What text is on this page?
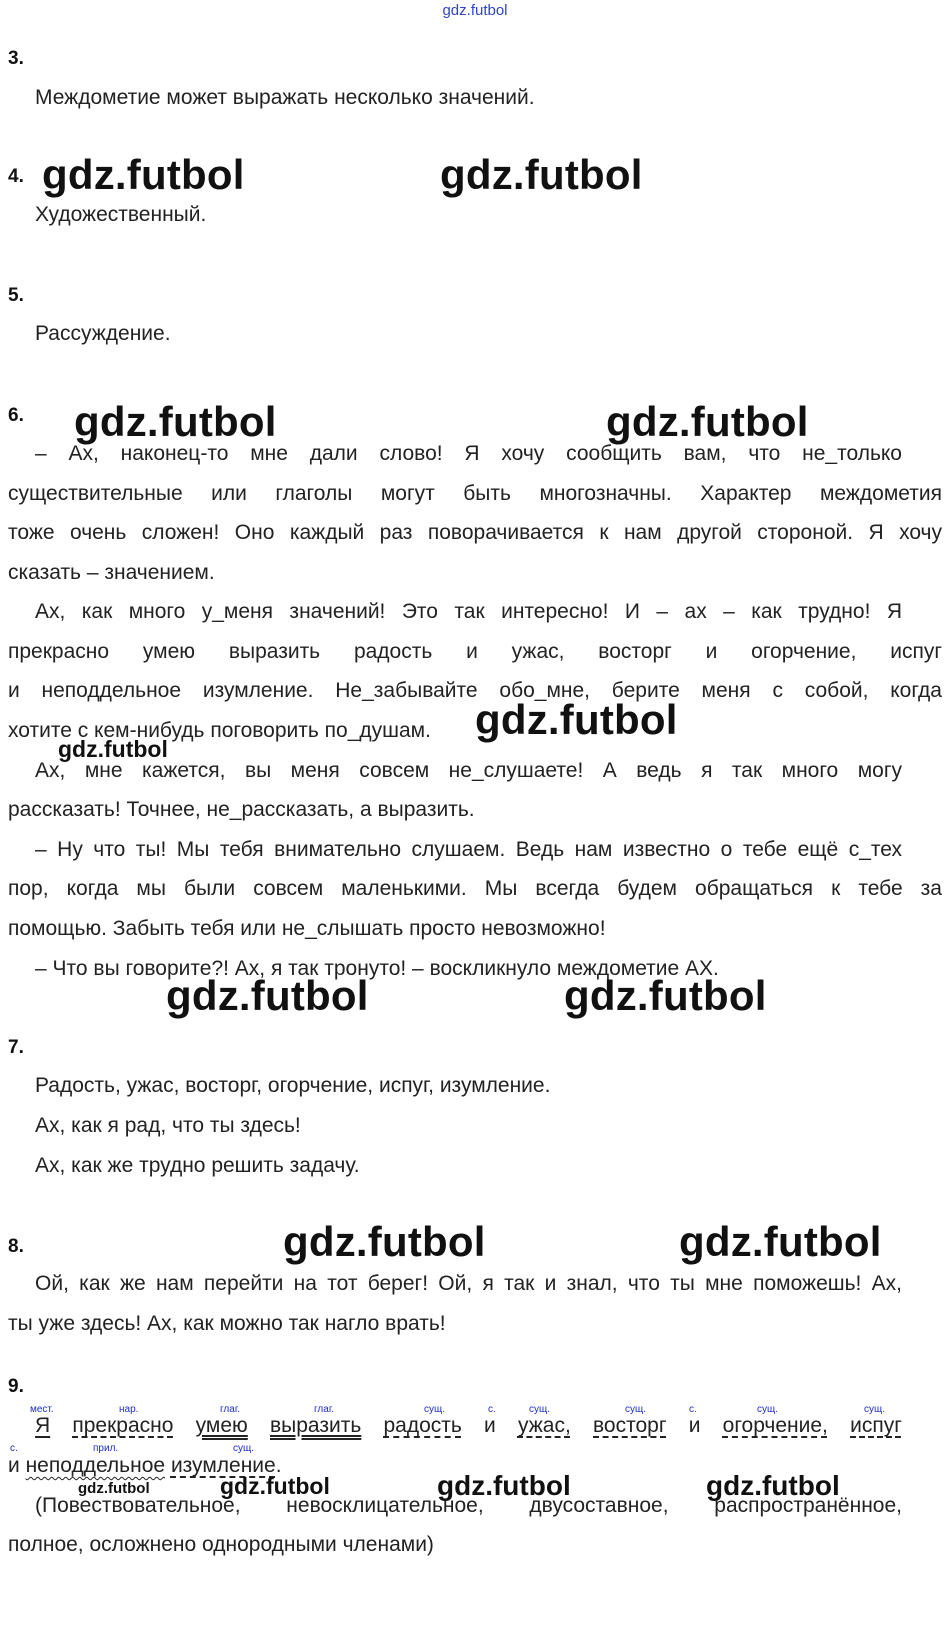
gdz.futbol
3.
Междометие может выражать несколько значений.
4. gdz.futbol	gdz.futbol
Художественный.
5.
Рассуждение.
6. gdz.futbol	gdz.futbol
– Ах, наконец-то мне дали слово! Я хочу сообщить вам, что не_только
существительные или глаголы могут быть многозначны. Характер междометия
тоже очень сложен! Оно каждый раз поворачивается к нам другой стороной. Я хочу
сказать – значением.
Ах, как много у_меня значений! Это так интересно! И – ах – как трудно! Я
прекрасно умею выразить радость и ужас, восторг и огорчение, испуг
и неподдельное изумление. Не_забывайте обо_мне, берите меня с собой, когда
хотите с кем-нибудь поговорить по_душам. gdz.futbol
gdz.futbol
Ах, мне кажется, вы меня совсем не_слушаете! А ведь я так много могу
рассказать! Точнее, не_рассказать, а выразить.
– Ну что ты! Мы тебя внимательно слушаем. Ведь нам известно о тебе ещё с_тех
пор, когда мы были совсем маленькими. Мы всегда будем обращаться к тебе за
помощью. Забыть тебя или не_слышать просто невозможно!
– Что вы говорите?! Ах, я так тронуто! – воскликнуло междометие АХ.
gdz.futbol	gdz.futbol
7.
Радость, ужас, восторг, огорчение, испуг, изумление.
Ах, как я рад, что ты здесь!
Ах, как же трудно решить задачу.
8.	gdz.futbol	gdz.futbol
Ой, как же нам перейти на тот берег! Ой, я так и знал, что ты мне поможешь! Ах,
ты уже здесь! Ах, как можно так нагло врать!
9.
мест.	нар.	глаг.	глаг.	сущ.	с.	сущ.	сущ.	с.	сущ.	сущ.
Я прекрасно умею выразить радость и ужас, восторг и огорчение, испуг
с.	прил.	сущ.
и неподдельное изумление.
gdz.futbol	gdz.futbol	gdz.futbol	gdz.futbol
(Повествовательное, невосклицательное, двусоставное, распространённое,
полное, осложнено однородными членами)
